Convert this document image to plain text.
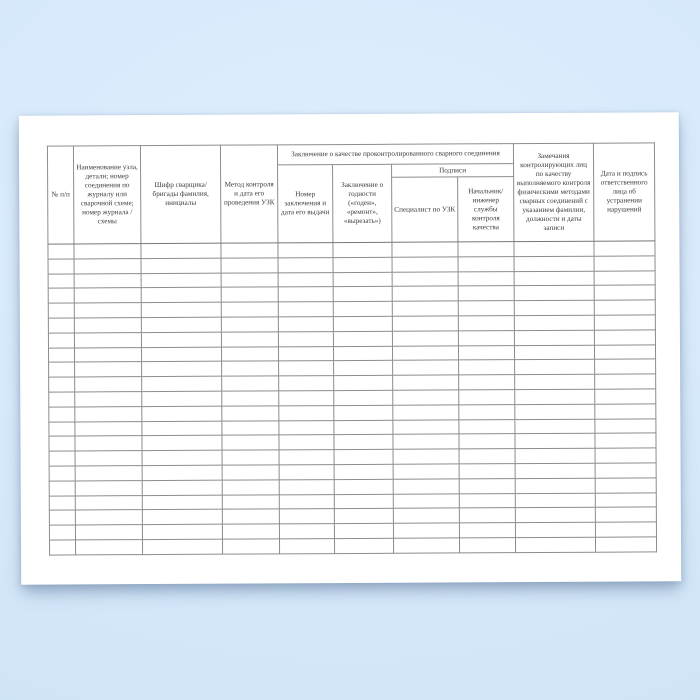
№ п/п	Наименование узла, детали; номер соединения по журналу или сварочной схеме; номер журнала /схемы	Шифр сварщика/бригады фамилия, инициалы	Метод контроля и дата его проведения УЗК	Заключение о качестве проконтролированного сварного соединения				Замечания контролирующих лиц по качеству выполняемого контроля физическими методами сварных соединений с указанием фамилии, должности и даты записи	Дата и подпись ответственного лица об устранении нарушений
				Номер заключения и дата его выдачи	Заключение о годности («годен», «ремонт», «вырезать»)	Подписи			
						Специалист по УЗК	Начальник/ инженер службы контроля качества		
